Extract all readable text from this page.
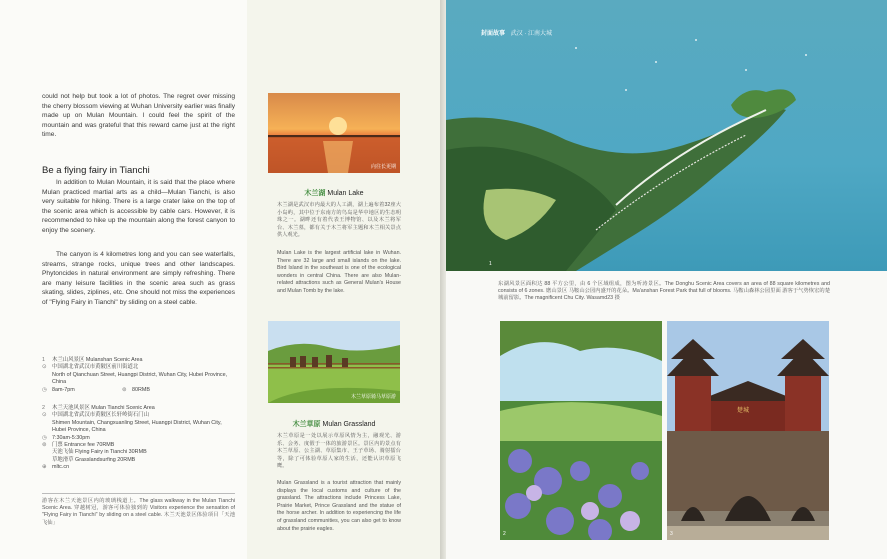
could not help but took a lot of photos. The regret over missing the cherry blossom viewing at Wuhan University earlier was finally made up on Mulan Mountain. I could feel the spirit of the mountain and was grateful that this reward came just at the right time.
Be a flying fairy in Tianchi
In addition to Mulan Mountain, it is said that the place where Mulan practiced martial arts as a child—Mulan Tianchi, is also very suitable for hiking. There is a large crater lake on the top of the scenic area which is accessible by cable cars. However, it is recommended to hike up the mountain along the forest canyon to enjoy the scenery.
The canyon is 4 kilometres long and you can see waterfalls, streams, strange rocks, unique trees and other landscapes. Phytoncides in natural environment are simply refreshing. There are many leisure facilities in the scenic area such as grass skating, slides, ziplines, etc. One should not miss the experiences of "Flying Fairy in Tianchi" by sliding on a steel cable.
1	木兰山风景区 Mulanshan Scenic Area
⊙	中国湖北省武汉市黄陂区前川街道北
North of Qianchuan Street, Huangpi District, Wuhan City, Hubei Province, China
◷ 8am-7pm	⊚	80RMB
2	木兰天池风景区 Mulan Tianchi Scenic Area
⊙	中国湖北省武汉市黄陂区长轩岭街石门山
Shimen Mountain, Changxuanling Street, Huangpi District, Wuhan City, Hubei Province, China
◷ 7:30am-5:30pm
⊚	门票 Entrance fee 70RMB
天池飞仙 Flying Fairy in Tianchi 30RMB
草地滑草 Grasslandsurfing 20RMB
⊕	mltc.cn
游客在木兰天池景区内的玻璃栈道上。The glass walkway in the Mulan Tianchi Scenic Area. 穿越树冠，游客可体验独到的 Visitors experience the sensation of "Flying Fairy in Tianchi" by sliding on a steel cable. 木兰天池景区体验项目「天池飞仙」
向往长更期
木兰湖 Mulan Lake
木兰湖是武汉市内最大的人工湖，湖上遍布着32座大小岛屿，其中位于东南方的鸟岛是华中地区的生态明珠之一。湖畔还有着代表王博物馆、以及木兰将军台、木兰墓，都有关于木兰将军主题和木兰相关景点供人观光。
Mulan Lake is the largest artificial lake in Wuhan. There are 32 large and small islands on the lake. Bird Island in the southeast is one of the ecological wonders in central China. There are also Mulan-related attractions such as General Mulan's House and Mulan Tomb by the lake.
木兰草原骑马草原游
木兰草原 Mulan Grassland
木兰草原是一处以展示草原风情为主，融观光、游乐、会务、度假于一体的旅游景区。景区内的景点有木兰草原、公主湖、草原集市、王子草场、骑射擂台等，除了可体验草原人家的生活，还能认识草原飞鹰。
Mulan Grassland is a tourist attraction that mainly displays the local customs and culture of the grassland. The attractions include Princess Lake, Prairie Market, Prince Grassland and the statue of the horse archer. In addition to experiencing the life of grassland communities, you can also get to know about the prairie eagles.
封面故事 武汉 · 江南大城
1
东湖风景区面积达 88 平方公里，由 6 个区域组成，图为听涛景区。The Donghu Scenic Area covers an area of 88 square kilometres and consists of 6 zones. 磨山景区 马鞍山公园内盛开的花朵。Ma'anshan Forest Park that full of blooms. 马鞍山森林公园里面 游客于气势恢宏的楚城前留影。The magnificent Chu City. Wasamd23 摄
2
楚城
3
